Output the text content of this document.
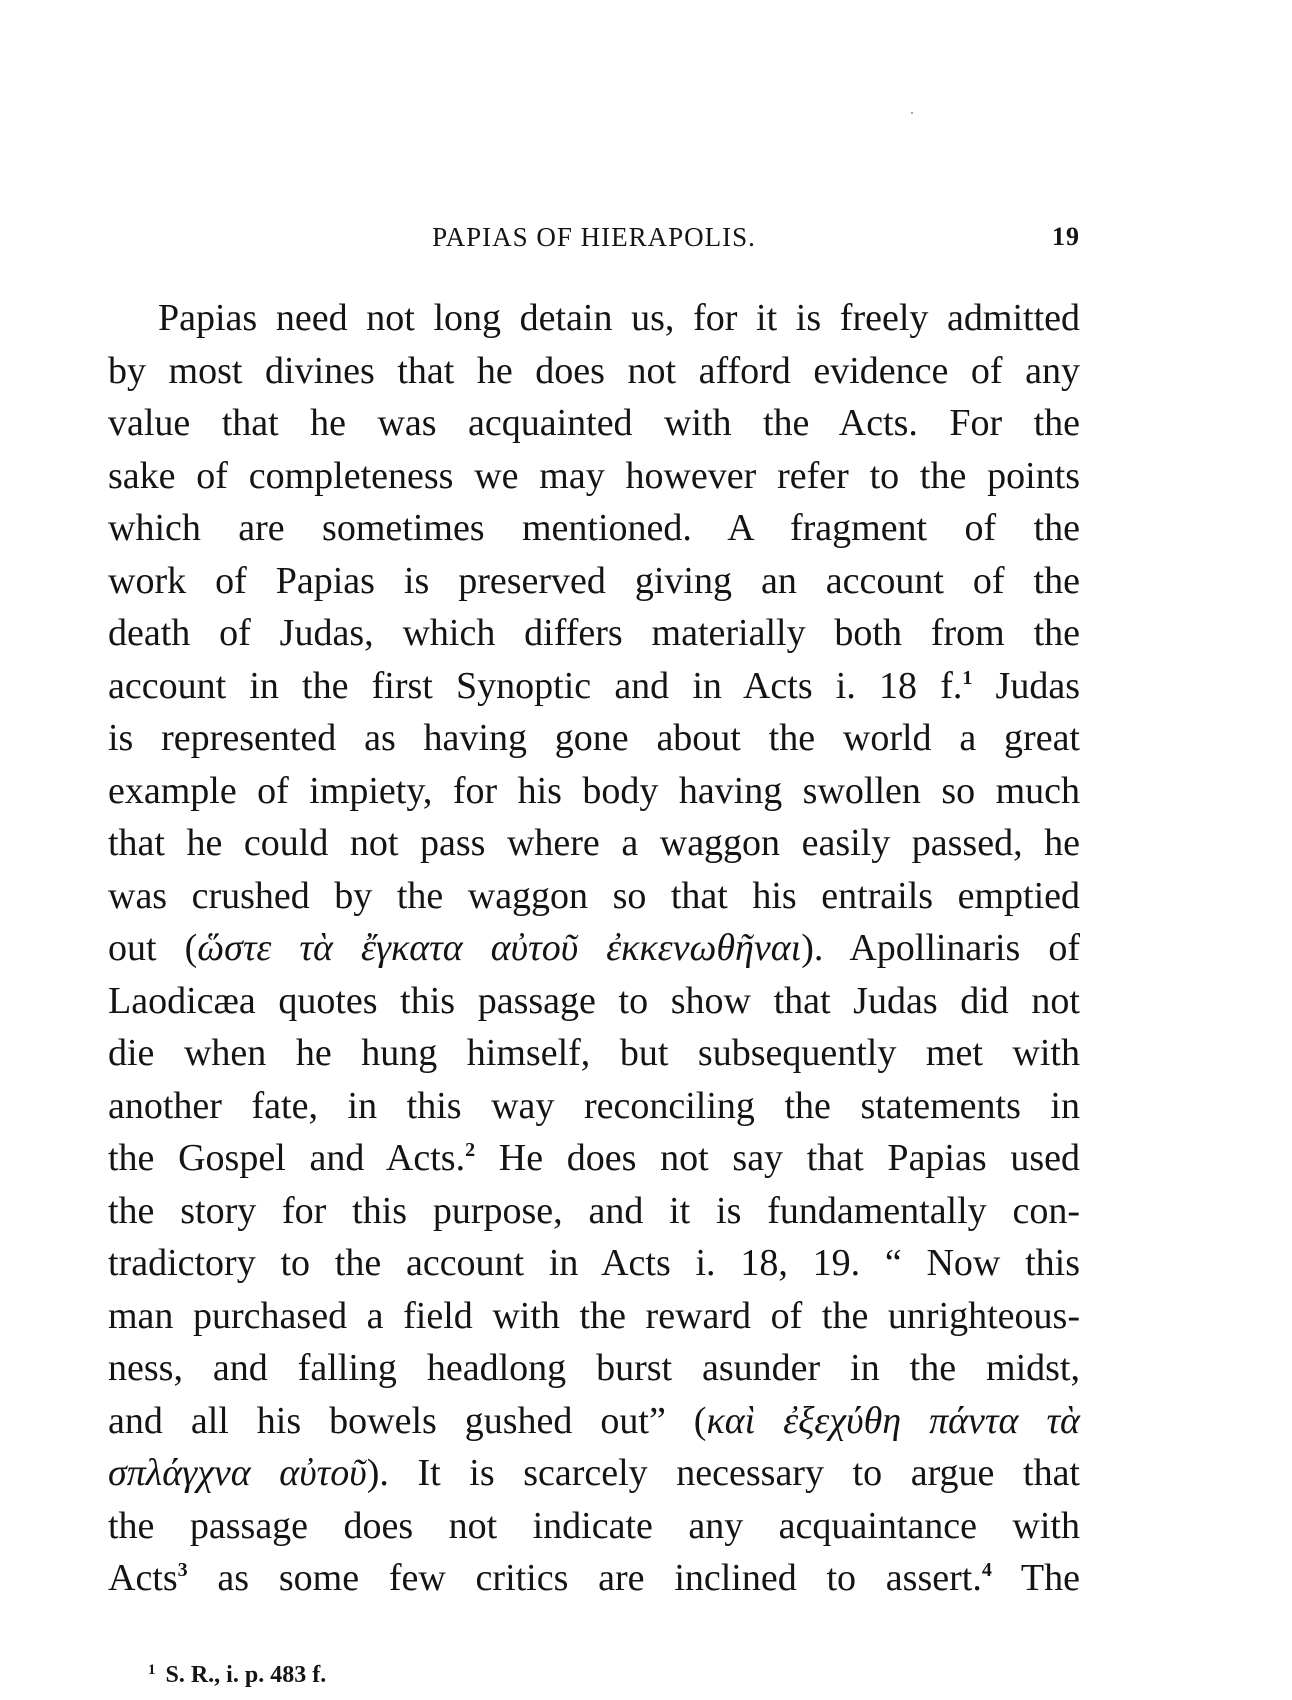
PAPIAS OF HIERAPOLIS.	19
Papias need not long detain us, for it is freely admitted
by most divines that he does not afford evidence of any
value that he was acquainted with the Acts. For the
sake of completeness we may however refer to the points
which are sometimes mentioned. A fragment of the
work of Papias is preserved giving an account of the
death of Judas, which differs materially both from the
account in the first Synoptic and in Acts i. 18 f.$^1$ Judas
is represented as having gone about the world a great
example of impiety, for his body having swollen so much
that he could not pass where a waggon easily passed, he
was crushed by the waggon so that his entrails emptied
out (ὥστε τὰ ἔγκατα αὐτοῦ ἐκκενωθῆναι). Apollinaris of
Laodicæa quotes this passage to show that Judas did not
die when he hung himself, but subsequently met with
another fate, in this way reconciling the statements in
the Gospel and Acts.$^2$ He does not say that Papias used
the story for this purpose, and it is fundamentally con-
tradictory to the account in Acts i. 18, 19. “ Now this
man purchased a field with the reward of the unrighteous-
ness, and falling headlong burst asunder in the midst,
and all his bowels gushed out” (καὶ ἐξεχύθη πάντα τὰ
σπλάγχνα αὐτοῦ). It is scarcely necessary to argue that
the passage does not indicate any acquaintance with
Acts$^3$ as some few critics are inclined to assert.$^4$ The
$^1$ S. R., i. p. 483 f.
